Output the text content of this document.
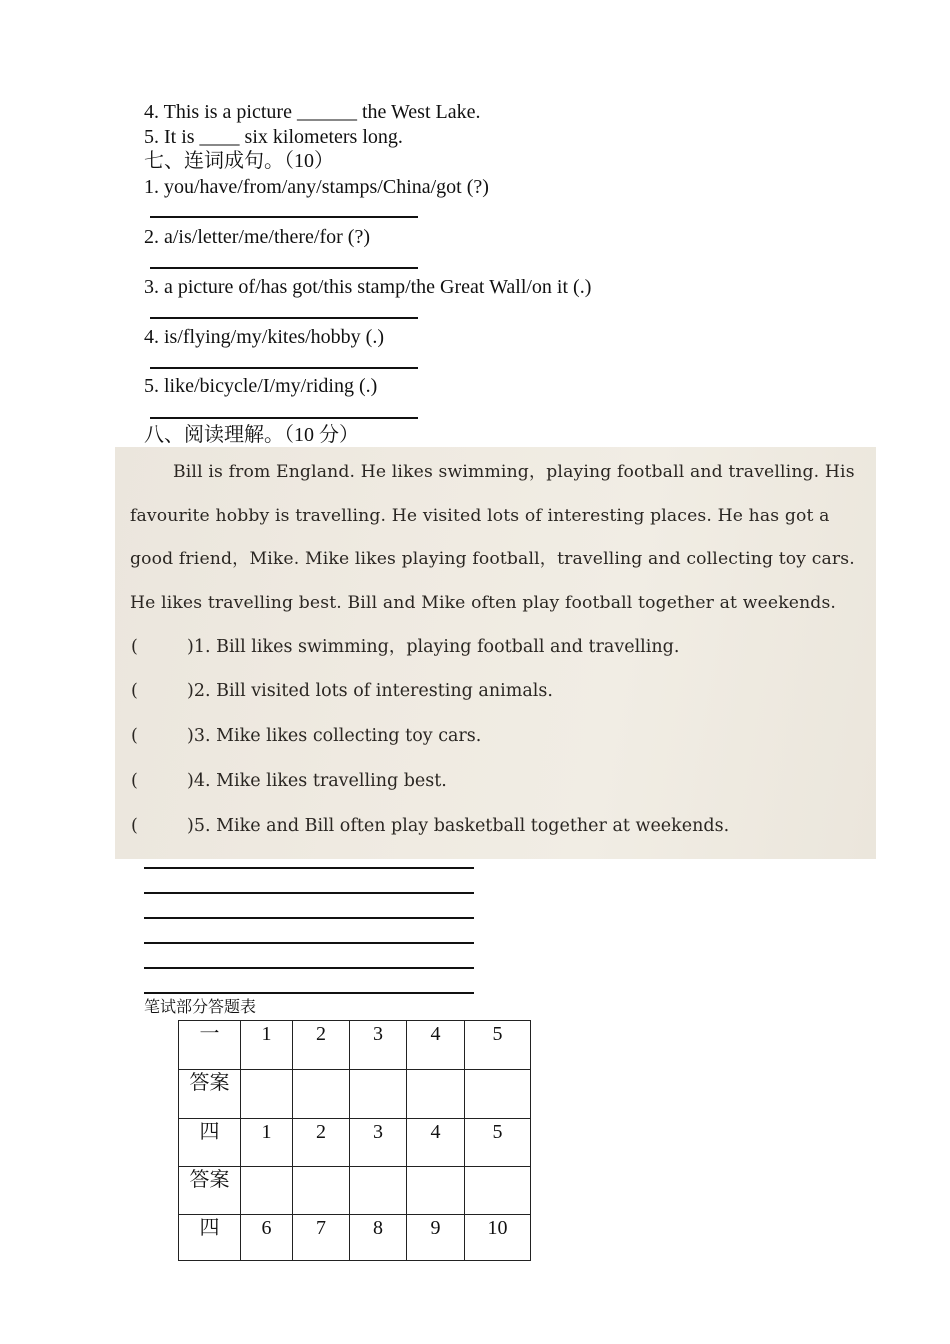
4. This is a picture ______ the West Lake.
5. It is ____ six kilometers long.
七、连词成句。（10）
1. you/have/from/any/stamps/China/got (?)
2. a/is/letter/me/there/for (?)
3. a picture of/has got/this stamp/the Great Wall/on it (.)
4. is/flying/my/kites/hobby (.)
5. like/bicycle/I/my/riding (.)
八、阅读理解。（10 分）
Bill is from England. He likes swimming，playing football and travelling. His
favourite hobby is travelling. He visited lots of interesting places. He has got a
good friend，Mike. Mike likes playing football，travelling and collecting toy cars.
He likes travelling best. Bill and Mike often play football together at weekends.
(	)1. Bill likes swimming，playing football and travelling.
(	)2. Bill visited lots of interesting animals.
(	)3. Mike likes collecting toy cars.
(	)4. Mike likes travelling best.
(	)5. Mike and Bill often play basketball together at weekends.
笔试部分答题表
一	1	2	3	4	5
答案					
四	1	2	3	4	5
答案					
四	6	7	8	9	10
